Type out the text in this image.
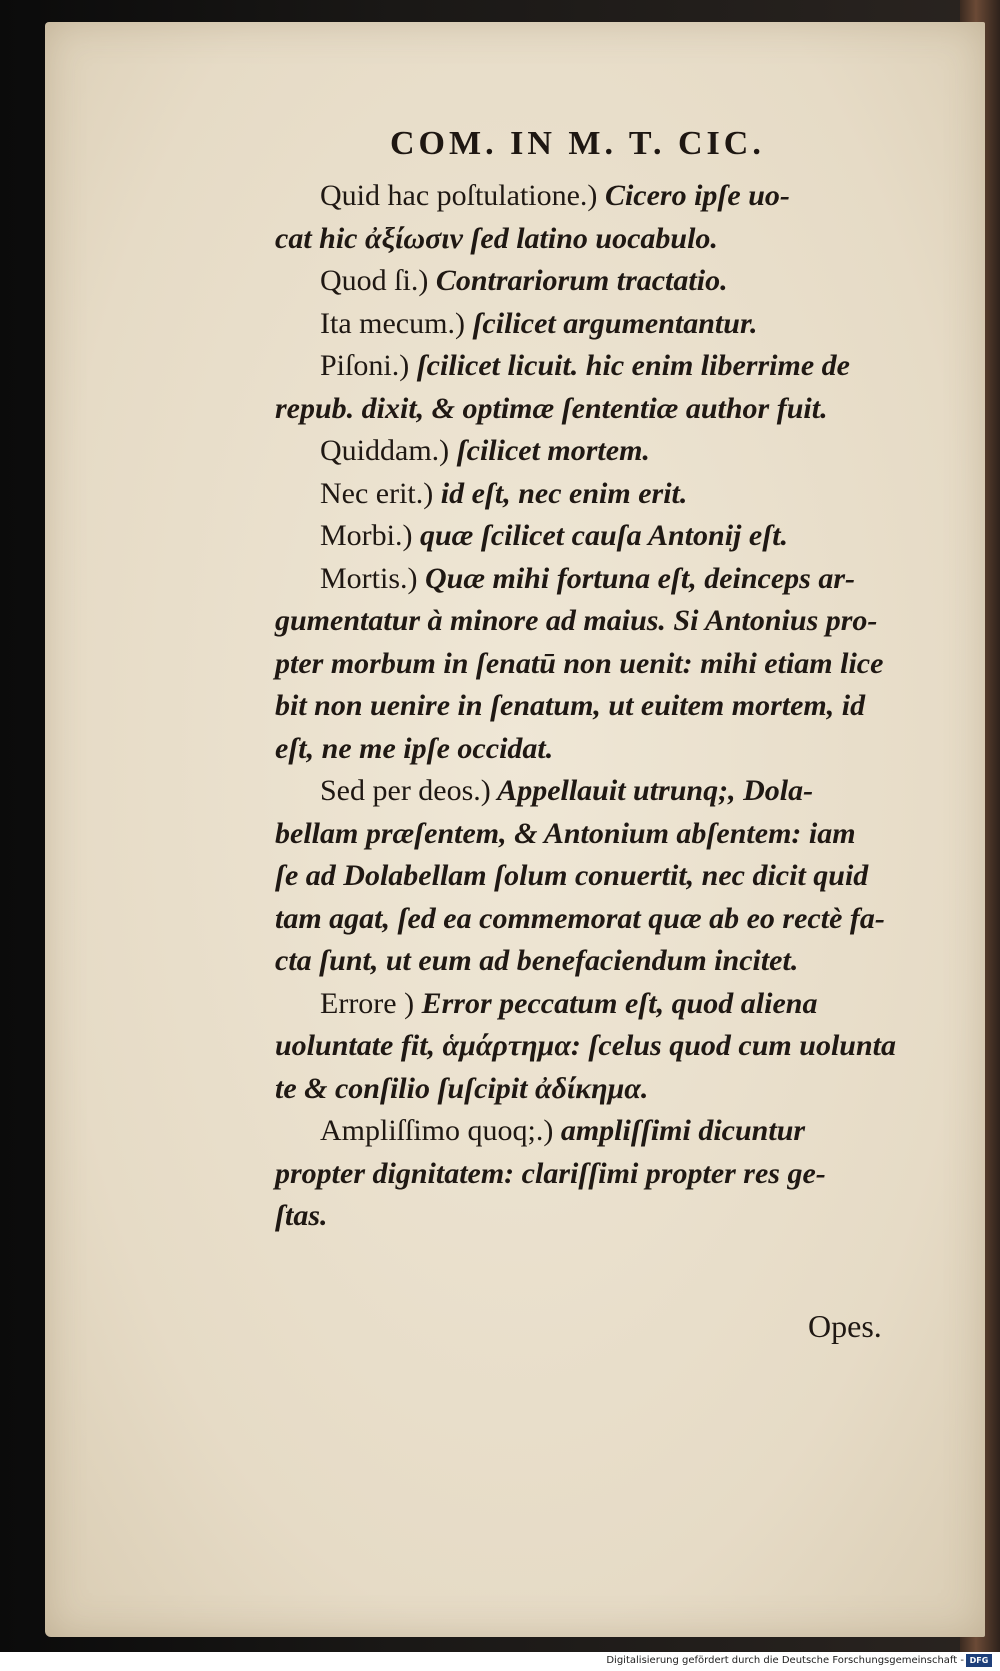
COM. IN M. T. CIC.
Quid hac poſtulatione.) Cicero ipſe uo-
cat hic ἀξίωσιν ſed latino uocabulo.
Quod ſi.) Contrariorum tractatio.
Ita mecum.) ſcilicet argumentantur.
Piſoni.) ſcilicet licuit. hic enim liberrime de
repub. dixit, & optimæ ſententiæ author fuit.
Quiddam.) ſcilicet mortem.
Nec erit.) id eſt, nec enim erit.
Morbi.) quæ ſcilicet cauſa Antonij eſt.
Mortis.) Quæ mihi fortuna eſt, deinceps ar-
gumentatur à minore ad maius. Si Antonius pro-
pter morbum in ſenatū non uenit: mihi etiam lice
bit non uenire in ſenatum, ut euitem mortem, id
eſt, ne me ipſe occidat.
Sed per deos.) Appellauit utrunq;, Dola-
bellam præſentem, & Antonium abſentem: iam
ſe ad Dolabellam ſolum conuertit, nec dicit quid
tam agat, ſed ea commemorat quæ ab eo rectè fa-
cta ſunt, ut eum ad benefaciendum incitet.
Errore ) Error peccatum eſt, quod aliena
uoluntate fit, ἁμάρτημα: ſcelus quod cum uolunta
te & conſilio ſuſcipit ἀδίκημα.
Ampliſſimo quoq;.) ampliſſimi dicuntur
propter dignitatem: clariſſimi propter res ge-
ſtas.
Opes.
Digitalisierung gefördert durch die Deutsche Forschungsgemeinschaft - DFG
